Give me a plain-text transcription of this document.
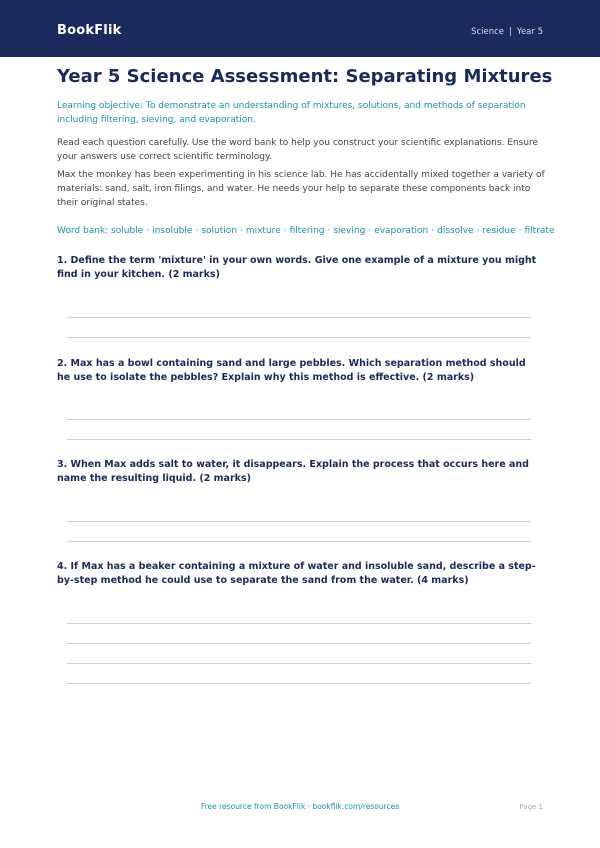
BookFlik	Science | Year 5
Year 5 Science Assessment: Separating Mixtures
Learning objective: To demonstrate an understanding of mixtures, solutions, and methods of separation including filtering, sieving, and evaporation.
Read each question carefully. Use the word bank to help you construct your scientific explanations. Ensure your answers use correct scientific terminology.
Max the monkey has been experimenting in his science lab. He has accidentally mixed together a variety of materials: sand, salt, iron filings, and water. He needs your help to separate these components back into their original states.
Word bank: soluble · insoluble · solution · mixture · filtering · sieving · evaporation · dissolve · residue · filtrate
1. Define the term 'mixture' in your own words. Give one example of a mixture you might find in your kitchen. (2 marks)
2. Max has a bowl containing sand and large pebbles. Which separation method should he use to isolate the pebbles? Explain why this method is effective. (2 marks)
3. When Max adds salt to water, it disappears. Explain the process that occurs here and name the resulting liquid. (2 marks)
4. If Max has a beaker containing a mixture of water and insoluble sand, describe a step-by-step method he could use to separate the sand from the water. (4 marks)
Free resource from BookFlik · bookflik.com/resources	Page 1
